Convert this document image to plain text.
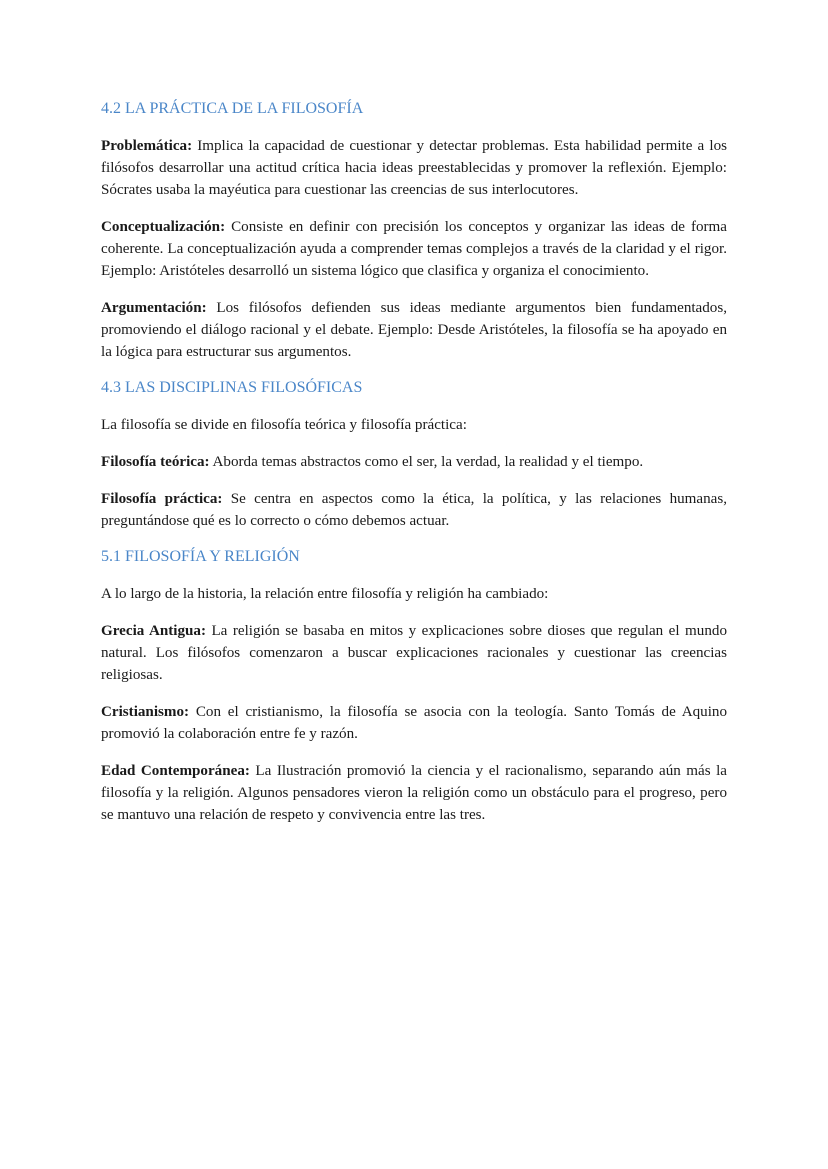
4.2 LA PRÁCTICA DE LA FILOSOFÍA

Problemática: Implica la capacidad de cuestionar y detectar problemas. Esta habilidad permite a los filósofos desarrollar una actitud crítica hacia ideas preestablecidas y promover la reflexión. Ejemplo: Sócrates usaba la mayéutica para cuestionar las creencias de sus interlocutores.

Conceptualización: Consiste en definir con precisión los conceptos y organizar las ideas de forma coherente. La conceptualización ayuda a comprender temas complejos a través de la claridad y el rigor. Ejemplo: Aristóteles desarrolló un sistema lógico que clasifica y organiza el conocimiento.

Argumentación: Los filósofos defienden sus ideas mediante argumentos bien fundamentados, promoviendo el diálogo racional y el debate. Ejemplo: Desde Aristóteles, la filosofía se ha apoyado en la lógica para estructurar sus argumentos.

4.3 LAS DISCIPLINAS FILOSÓFICAS

La filosofía se divide en filosofía teórica y filosofía práctica:

Filosofía teórica: Aborda temas abstractos como el ser, la verdad, la realidad y el tiempo.

Filosofía práctica: Se centra en aspectos como la ética, la política, y las relaciones humanas, preguntándose qué es lo correcto o cómo debemos actuar.

5.1 FILOSOFÍA Y RELIGIÓN

A lo largo de la historia, la relación entre filosofía y religión ha cambiado:

Grecia Antigua: La religión se basaba en mitos y explicaciones sobre dioses que regulan el mundo natural. Los filósofos comenzaron a buscar explicaciones racionales y cuestionar las creencias religiosas.

Cristianismo: Con el cristianismo, la filosofía se asocia con la teología. Santo Tomás de Aquino promovió la colaboración entre fe y razón.

Edad Contemporánea: La Ilustración promovió la ciencia y el racionalismo, separando aún más la filosofía y la religión. Algunos pensadores vieron la religión como un obstáculo para el progreso, pero se mantuvo una relación de respeto y convivencia entre las tres.
